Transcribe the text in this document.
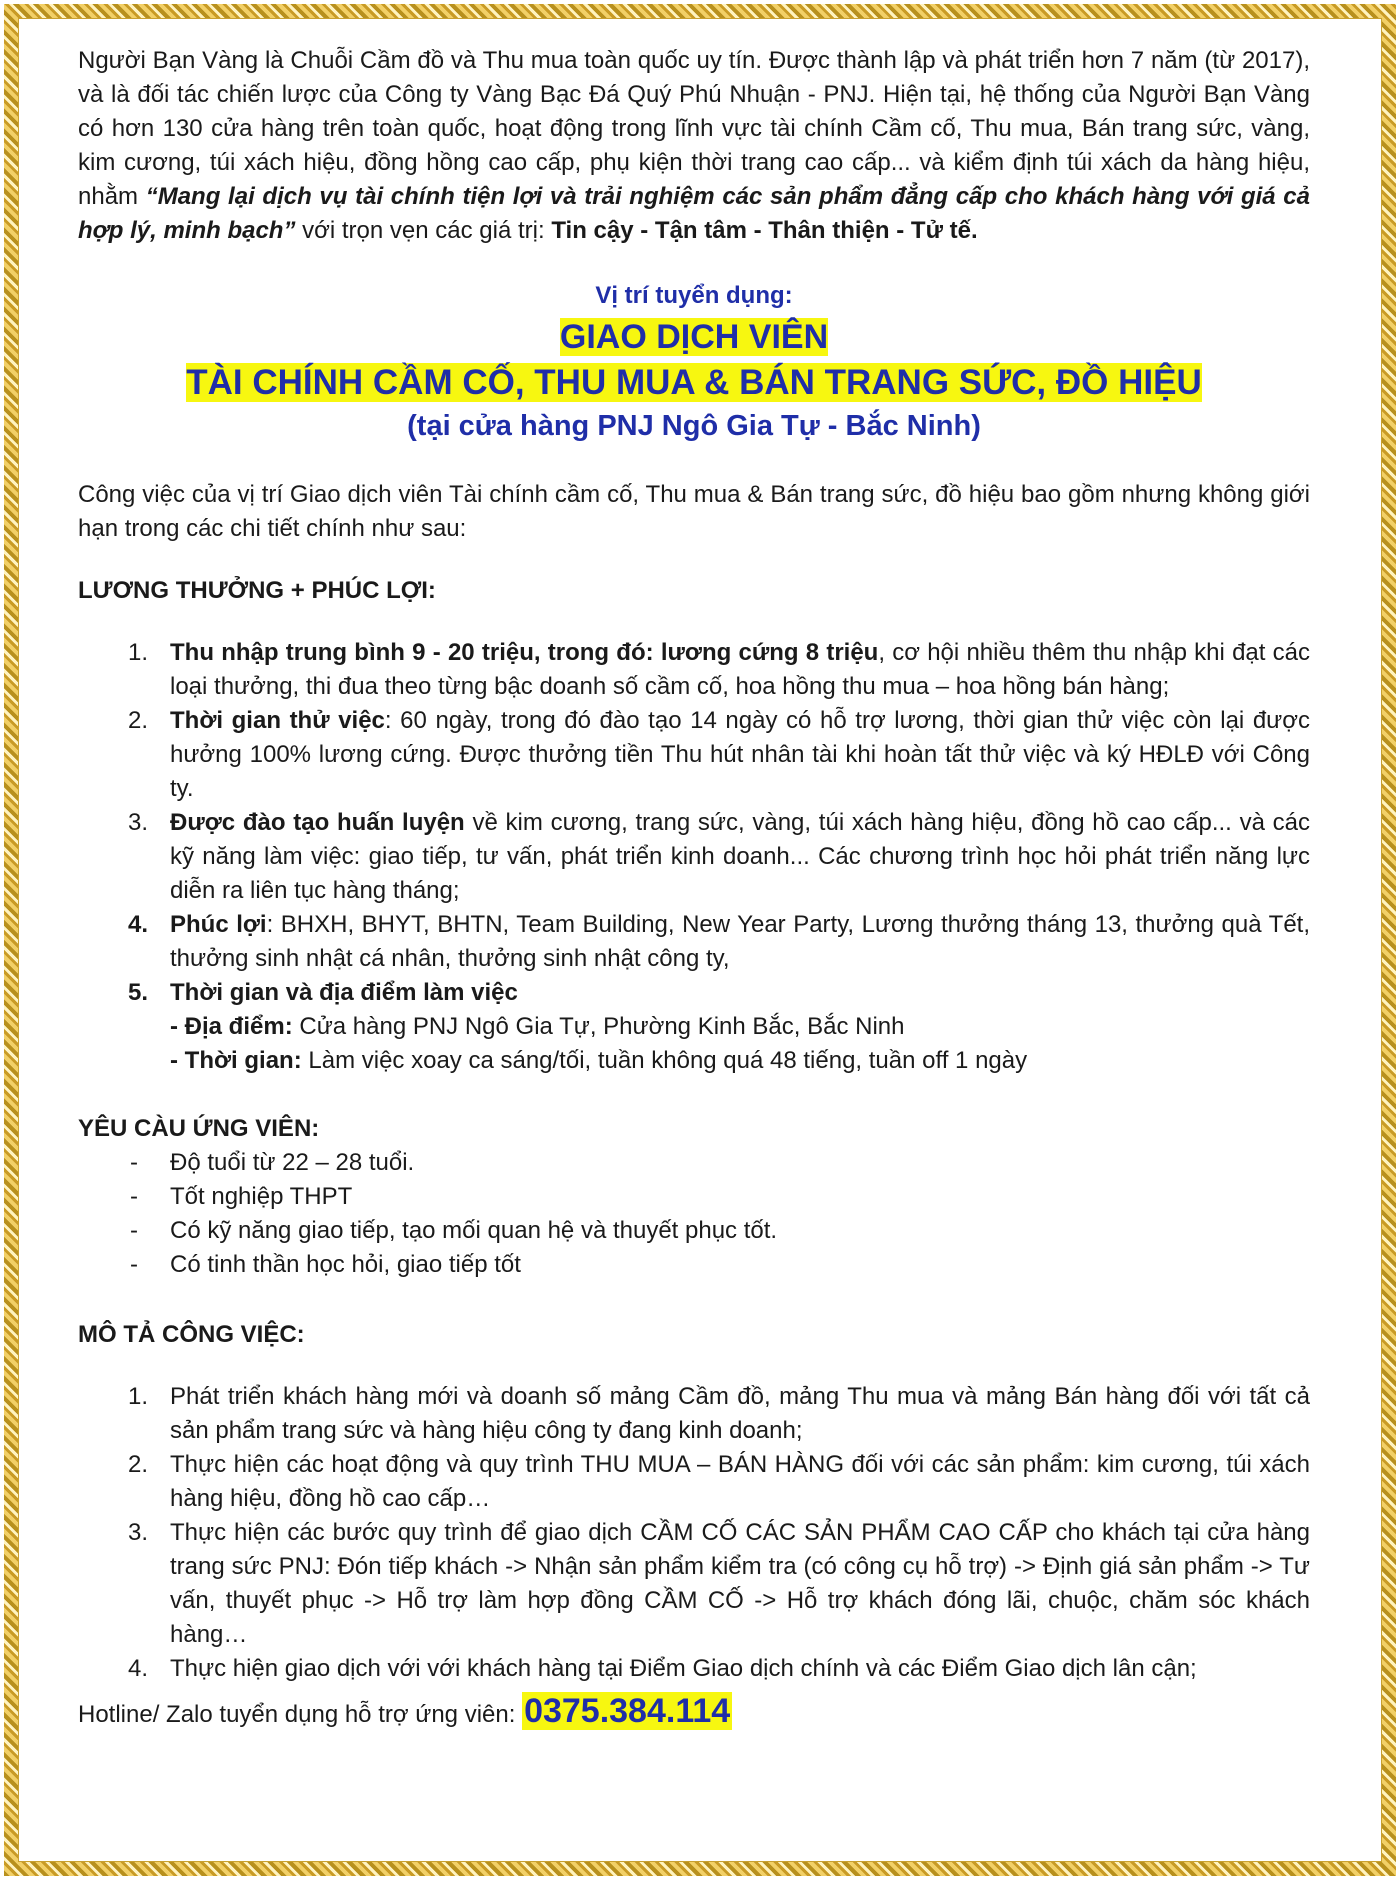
Người Bạn Vàng là Chuỗi Cầm đồ và Thu mua toàn quốc uy tín. Được thành lập và phát triển hơn 7 năm (từ 2017), và là đối tác chiến lược của Công ty Vàng Bạc Đá Quý Phú Nhuận - PNJ. Hiện tại, hệ thống của Người Bạn Vàng có hơn 130 cửa hàng trên toàn quốc, hoạt động trong lĩnh vực tài chính Cầm cố, Thu mua, Bán trang sức, vàng, kim cương, túi xách hiệu, đồng hồng cao cấp, phụ kiện thời trang cao cấp... và kiểm định túi xách da hàng hiệu, nhằm “Mang lại dịch vụ tài chính tiện lợi và trải nghiệm các sản phẩm đẳng cấp cho khách hàng với giá cả hợp lý, minh bạch” với trọn vẹn các giá trị: Tin cậy - Tận tâm - Thân thiện - Tử tế.

Vị trí tuyển dụng:
GIAO DỊCH VIÊN
TÀI CHÍNH CẦM CỐ, THU MUA & BÁN TRANG SỨC, ĐỒ HIỆU
(tại cửa hàng PNJ Ngô Gia Tự - Bắc Ninh)

Công việc của vị trí Giao dịch viên Tài chính cầm cố, Thu mua & Bán trang sức, đồ hiệu bao gồm nhưng không giới hạn trong các chi tiết chính như sau:

LƯƠNG THƯỞNG + PHÚC LỢI:
1. Thu nhập trung bình 9 - 20 triệu, trong đó: lương cứng 8 triệu, cơ hội nhiều thêm thu nhập khi đạt các loại thưởng, thi đua theo từng bậc doanh số cầm cố, hoa hồng thu mua – hoa hồng bán hàng;
2. Thời gian thử việc: 60 ngày, trong đó đào tạo 14 ngày có hỗ trợ lương, thời gian thử việc còn lại được hưởng 100% lương cứng. Được thưởng tiền Thu hút nhân tài khi hoàn tất thử việc và ký HĐLĐ với Công ty.
3. Được đào tạo huấn luyện về kim cương, trang sức, vàng, túi xách hàng hiệu, đồng hồ cao cấp... và các kỹ năng làm việc: giao tiếp, tư vấn, phát triển kinh doanh... Các chương trình học hỏi phát triển năng lực diễn ra liên tục hàng tháng;
4. Phúc lợi: BHXH, BHYT, BHTN, Team Building, New Year Party, Lương thưởng tháng 13, thưởng quà Tết, thưởng sinh nhật cá nhân, thưởng sinh nhật công ty,
5. Thời gian và địa điểm làm việc
- Địa điểm: Cửa hàng PNJ Ngô Gia Tự, Phường Kinh Bắc, Bắc Ninh
- Thời gian: Làm việc xoay ca sáng/tối, tuần không quá 48 tiếng, tuần off 1 ngày
YÊU CÀU ỨNG VIÊN:
-	Độ tuổi từ 22 – 28 tuổi.
-	Tốt nghiệp THPT
-	Có kỹ năng giao tiếp, tạo mối quan hệ và thuyết phục tốt.
-	Có tinh thần học hỏi, giao tiếp tốt
MÔ TẢ CÔNG VIỆC:
1. Phát triển khách hàng mới và doanh số mảng Cầm đồ, mảng Thu mua và mảng Bán hàng đối với tất cả sản phẩm trang sức và hàng hiệu công ty đang kinh doanh;
2. Thực hiện các hoạt động và quy trình THU MUA – BÁN HÀNG đối với các sản phẩm: kim cương, túi xách hàng hiệu, đồng hồ cao cấp…
3. Thực hiện các bước quy trình để giao dịch CẦM CỐ CÁC SẢN PHẨM CAO CẤP cho khách tại cửa hàng trang sức PNJ: Đón tiếp khách -> Nhận sản phẩm kiểm tra (có công cụ hỗ trợ) -> Định giá sản phẩm -> Tư vấn, thuyết phục -> Hỗ trợ làm hợp đồng CẦM CỐ -> Hỗ trợ khách đóng lãi, chuộc, chăm sóc khách hàng…
4. Thực hiện giao dịch với với khách hàng tại Điểm Giao dịch chính và các Điểm Giao dịch lân cận;

Hotline/ Zalo tuyển dụng hỗ trợ ứng viên: 0375.384.114
